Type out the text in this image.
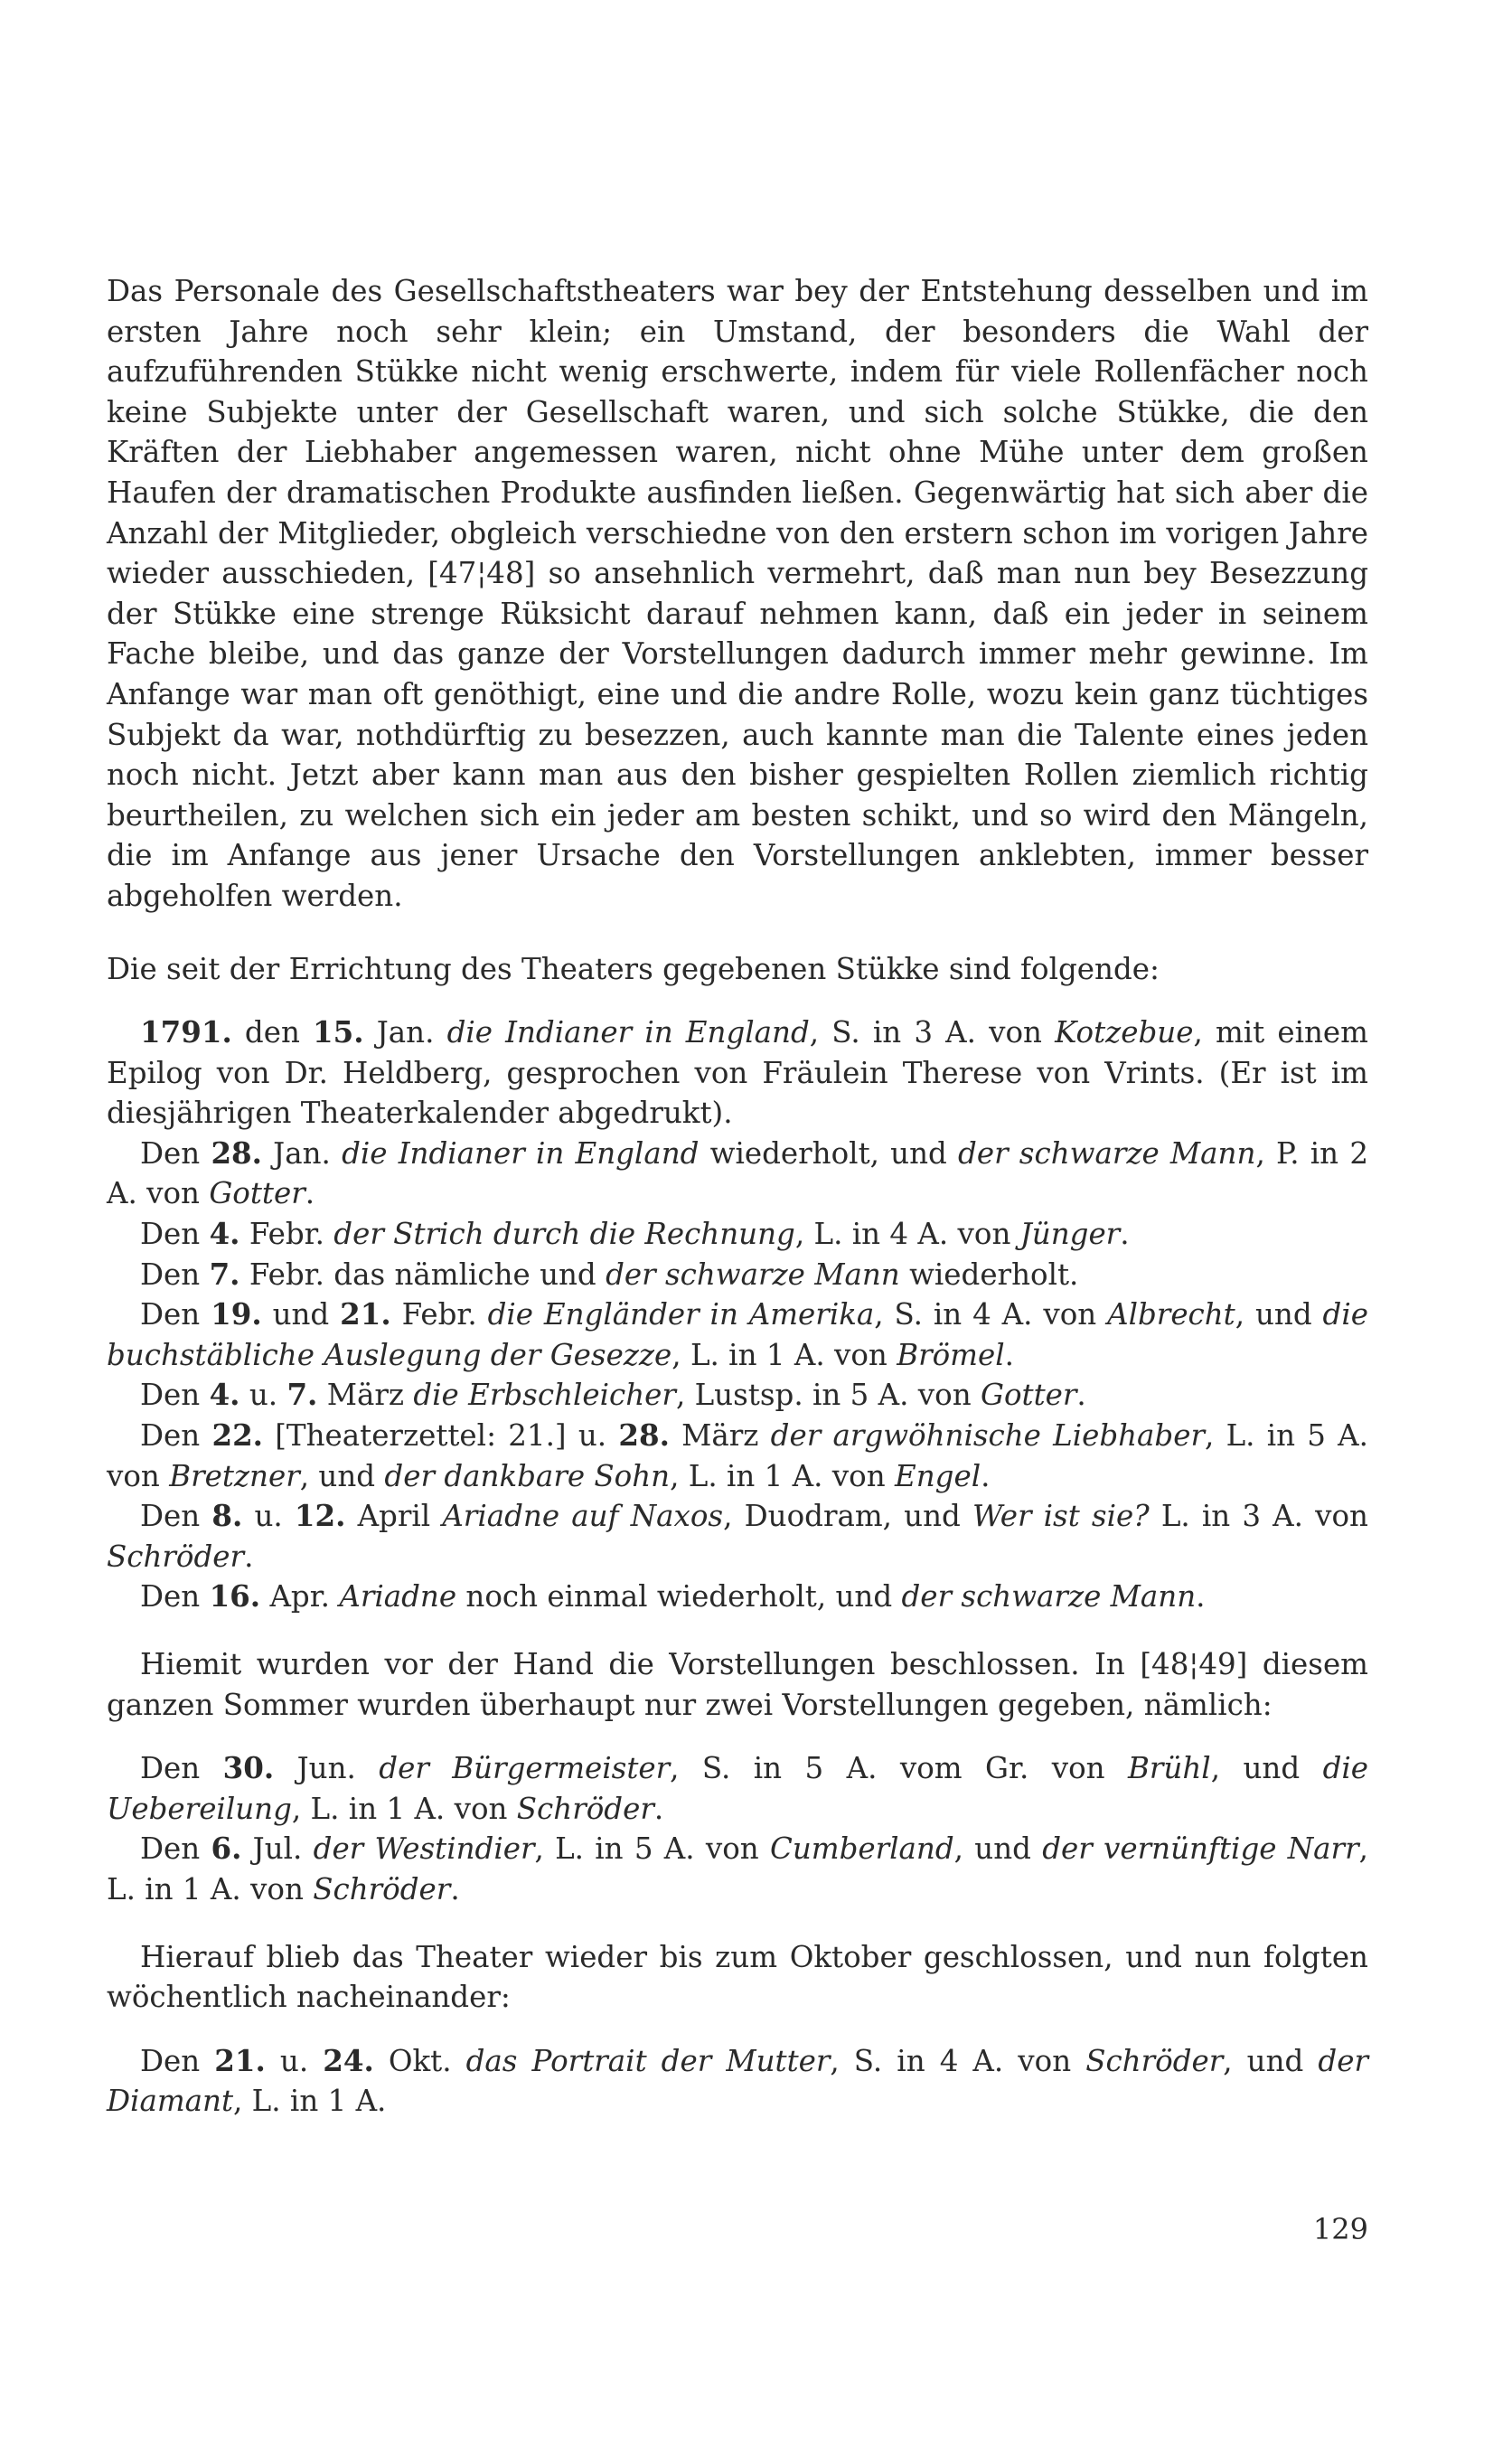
Das Personale des Gesellschaftstheaters war bey der Entstehung desselben und im ersten Jahre noch sehr klein; ein Umstand, der besonders die Wahl der aufzuführenden Stükke nicht wenig erschwerte, indem für viele Rollenfächer noch keine Subjekte unter der Gesellschaft waren, und sich solche Stükke, die den Kräften der Liebhaber angemessen waren, nicht ohne Mühe unter dem großen Haufen der dramatischen Produkte ausfinden ließen. Gegenwärtig hat sich aber die Anzahl der Mitglieder, obgleich verschiedne von den erstern schon im vorigen Jahre wieder ausschieden, [47¦48] so ansehnlich vermehrt, daß man nun bey Besezzung der Stükke eine strenge Rüksicht darauf nehmen kann, daß ein jeder in seinem Fache bleibe, und das ganze der Vorstellungen dadurch immer mehr gewinne. Im Anfange war man oft genöthigt, eine und die andre Rolle, wozu kein ganz tüchtiges Subjekt da war, nothdürftig zu besezzen, auch kannte man die Talente eines jeden noch nicht. Jetzt aber kann man aus den bisher gespielten Rollen ziemlich richtig beurtheilen, zu welchen sich ein jeder am besten schikt, und so wird den Mängeln, die im Anfange aus jener Ursache den Vorstellungen anklebten, immer besser abgeholfen werden.

Die seit der Errichtung des Theaters gegebenen Stükke sind folgende:

1791. den 15. Jan. die Indianer in England, S. in 3 A. von Kotzebue, mit einem Epilog von Dr. Heldberg, gesprochen von Fräulein Therese von Vrints. (Er ist im diesjährigen Theaterkalender abgedrukt).

Den 28. Jan. die Indianer in England wiederholt, und der schwarze Mann, P. in 2 A. von Gotter.

Den 4. Febr. der Strich durch die Rechnung, L. in 4 A. von Jünger.

Den 7. Febr. das nämliche und der schwarze Mann wiederholt.

Den 19. und 21. Febr. die Engländer in Amerika, S. in 4 A. von Albrecht, und die buchstäbliche Auslegung der Gesezze, L. in 1 A. von Brömel.

Den 4. u. 7. März die Erbschleicher, Lustsp. in 5 A. von Gotter.

Den 22. [Theaterzettel: 21.] u. 28. März der argwöhnische Liebhaber, L. in 5 A. von Bretzner, und der dankbare Sohn, L. in 1 A. von Engel.

Den 8. u. 12. April Ariadne auf Naxos, Duodram, und Wer ist sie? L. in 3 A. von Schröder.

Den 16. Apr. Ariadne noch einmal wiederholt, und der schwarze Mann.

Hiemit wurden vor der Hand die Vorstellungen beschlossen. In [48¦49] diesem ganzen Sommer wurden überhaupt nur zwei Vorstellungen gegeben, nämlich:

Den 30. Jun. der Bürgermeister, S. in 5 A. vom Gr. von Brühl, und die Uebereilung, L. in 1 A. von Schröder.

Den 6. Jul. der Westindier, L. in 5 A. von Cumberland, und der vernünftige Narr, L. in 1 A. von Schröder.

Hierauf blieb das Theater wieder bis zum Oktober geschlossen, und nun folgten wöchentlich nacheinander:

Den 21. u. 24. Okt. das Portrait der Mutter, S. in 4 A. von Schröder, und der Diamant, L. in 1 A.

129
